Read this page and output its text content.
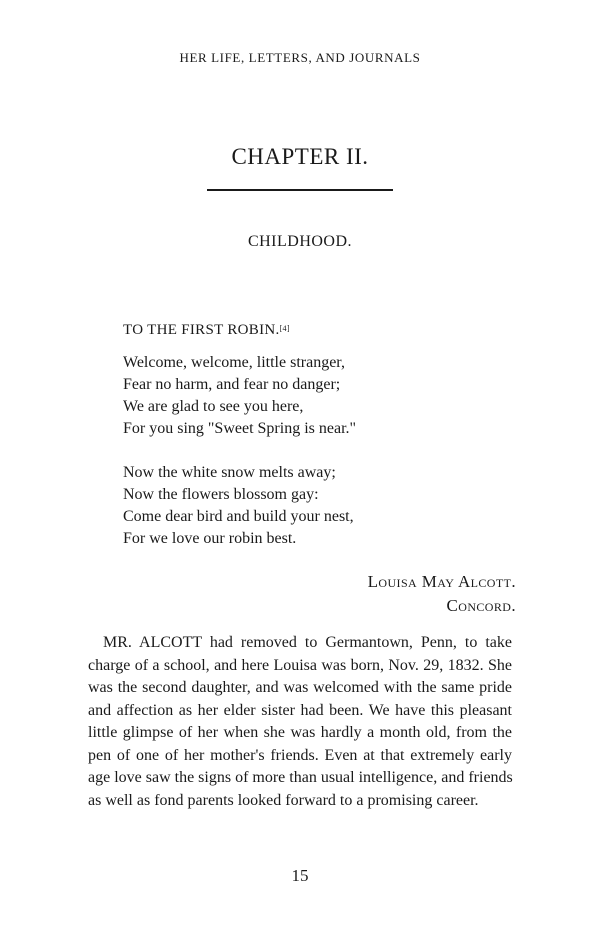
HER LIFE, LETTERS, AND JOURNALS
CHAPTER II.
CHILDHOOD.
TO THE FIRST ROBIN.[4]
Welcome, welcome, little stranger,
Fear no harm, and fear no danger;
We are glad to see you here,
For you sing "Sweet Spring is near."
Now the white snow melts away;
Now the flowers blossom gay:
Come dear bird and build your nest,
For we love our robin best.
Louisa May Alcott.
Concord.
MR. ALCOTT had removed to Germantown, Penn, to take
charge of a school, and here Louisa was born, Nov. 29, 1832. She
was the second daughter, and was welcomed with the same pride
and affection as her elder sister had been. We have this pleasant
little glimpse of her when she was hardly a month old, from the
pen of one of her mother's friends. Even at that extremely early
age love saw the signs of more than usual intelligence, and friends
as well as fond parents looked forward to a promising career.
15
